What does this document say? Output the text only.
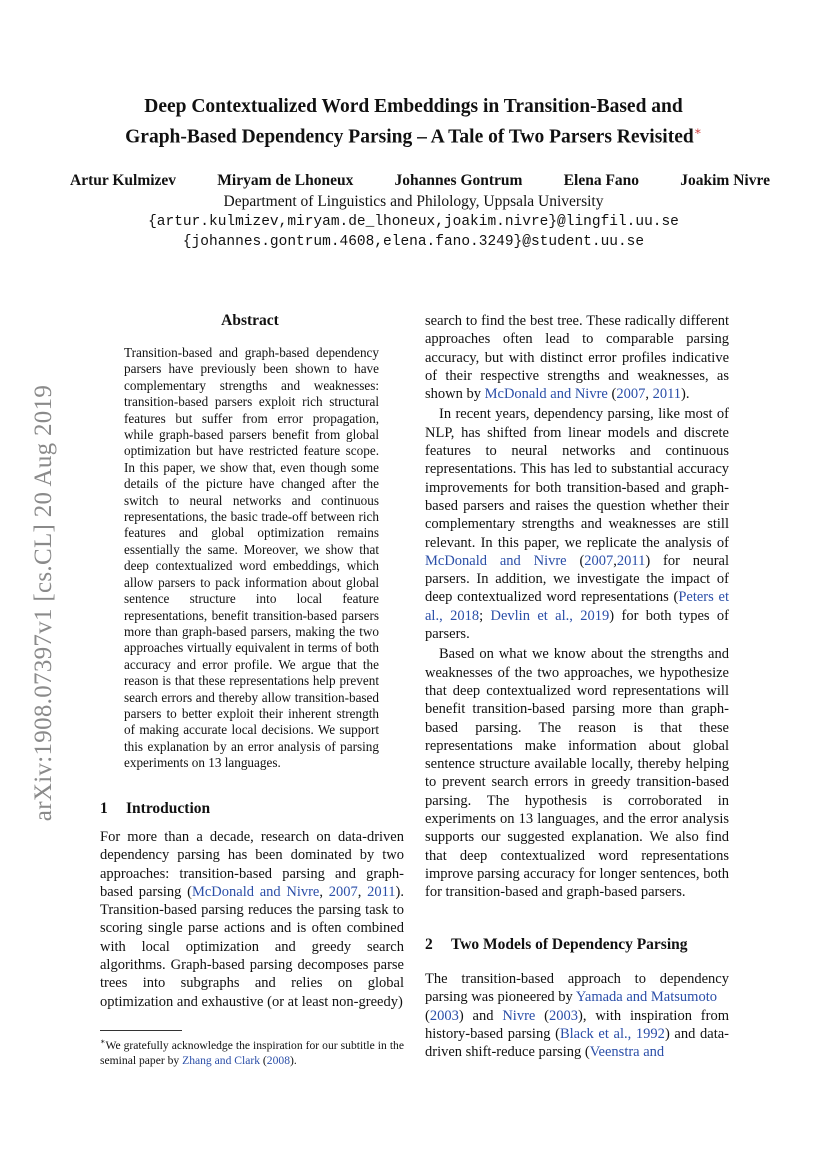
Deep Contextualized Word Embeddings in Transition-Based and
Graph-Based Dependency Parsing – A Tale of Two Parsers Revisited∗
Artur Kulmizev	Miryam de Lhoneux	Johannes Gontrum	Elena Fano	Joakim Nivre
Department of Linguistics and Philology, Uppsala University
{artur.kulmizev,miryam.de_lhoneux,joakim.nivre}@lingfil.uu.se
{johannes.gontrum.4608,elena.fano.3249}@student.uu.se
arXiv:1908.07397v1 [cs.CL] 20 Aug 2019
Abstract

Transition-based and graph-based dependency parsers have previously been shown to have complementary strengths and weaknesses: transition-based parsers exploit rich structural features but suffer from error propagation, while graph-based parsers benefit from global optimization but have restricted feature scope. In this paper, we show that, even though some details of the picture have changed after the switch to neural networks and continuous representations, the basic trade-off between rich features and global optimization remains essentially the same. Moreover, we show that deep contextualized word embeddings, which allow parsers to pack information about global sentence structure into local feature representations, benefit transition-based parsers more than graph-based parsers, making the two approaches virtually equivalent in terms of both accuracy and error profile. We argue that the reason is that these representations help prevent search errors and thereby allow transition-based parsers to better exploit their inherent strength of making accurate local decisions. We support this explanation by an error analysis of parsing experiments on 13 languages.

1 Introduction

For more than a decade, research on data-driven dependency parsing has been dominated by two approaches: transition-based parsing and graph-based parsing (McDonald and Nivre, 2007, 2011). Transition-based parsing reduces the parsing task to scoring single parse actions and is often combined with local optimization and greedy search algorithms. Graph-based parsing decomposes parse trees into subgraphs and relies on global optimization and exhaustive (or at least non-greedy)

search to find the best tree. These radically different approaches often lead to comparable parsing accuracy, but with distinct error profiles indicative of their respective strengths and weaknesses, as shown by McDonald and Nivre (2007, 2011).

In recent years, dependency parsing, like most of NLP, has shifted from linear models and discrete features to neural networks and continuous representations. This has led to substantial accuracy improvements for both transition-based and graph-based parsers and raises the question whether their complementary strengths and weaknesses are still relevant. In this paper, we replicate the analysis of McDonald and Nivre (2007,2011) for neural parsers. In addition, we investigate the impact of deep contextualized word representations (Peters et al., 2018; Devlin et al., 2019) for both types of parsers.

Based on what we know about the strengths and weaknesses of the two approaches, we hypothesize that deep contextualized word representations will benefit transition-based parsing more than graph-based parsing. The reason is that these representations make information about global sentence structure available locally, thereby helping to prevent search errors in greedy transition-based parsing. The hypothesis is corroborated in experiments on 13 languages, and the error analysis supports our suggested explanation. We also find that deep contextualized word representations improve parsing accuracy for longer sentences, both for transition-based and graph-based parsers.

2 Two Models of Dependency Parsing

The transition-based approach to dependency parsing was pioneered by Yamada and Matsumoto
(2003) and Nivre (2003), with inspiration from history-based parsing (Black et al., 1992) and data-driven shift-reduce parsing (Veenstra and

∗We gratefully acknowledge the inspiration for our subtitle in the seminal paper by Zhang and Clark (2008).
